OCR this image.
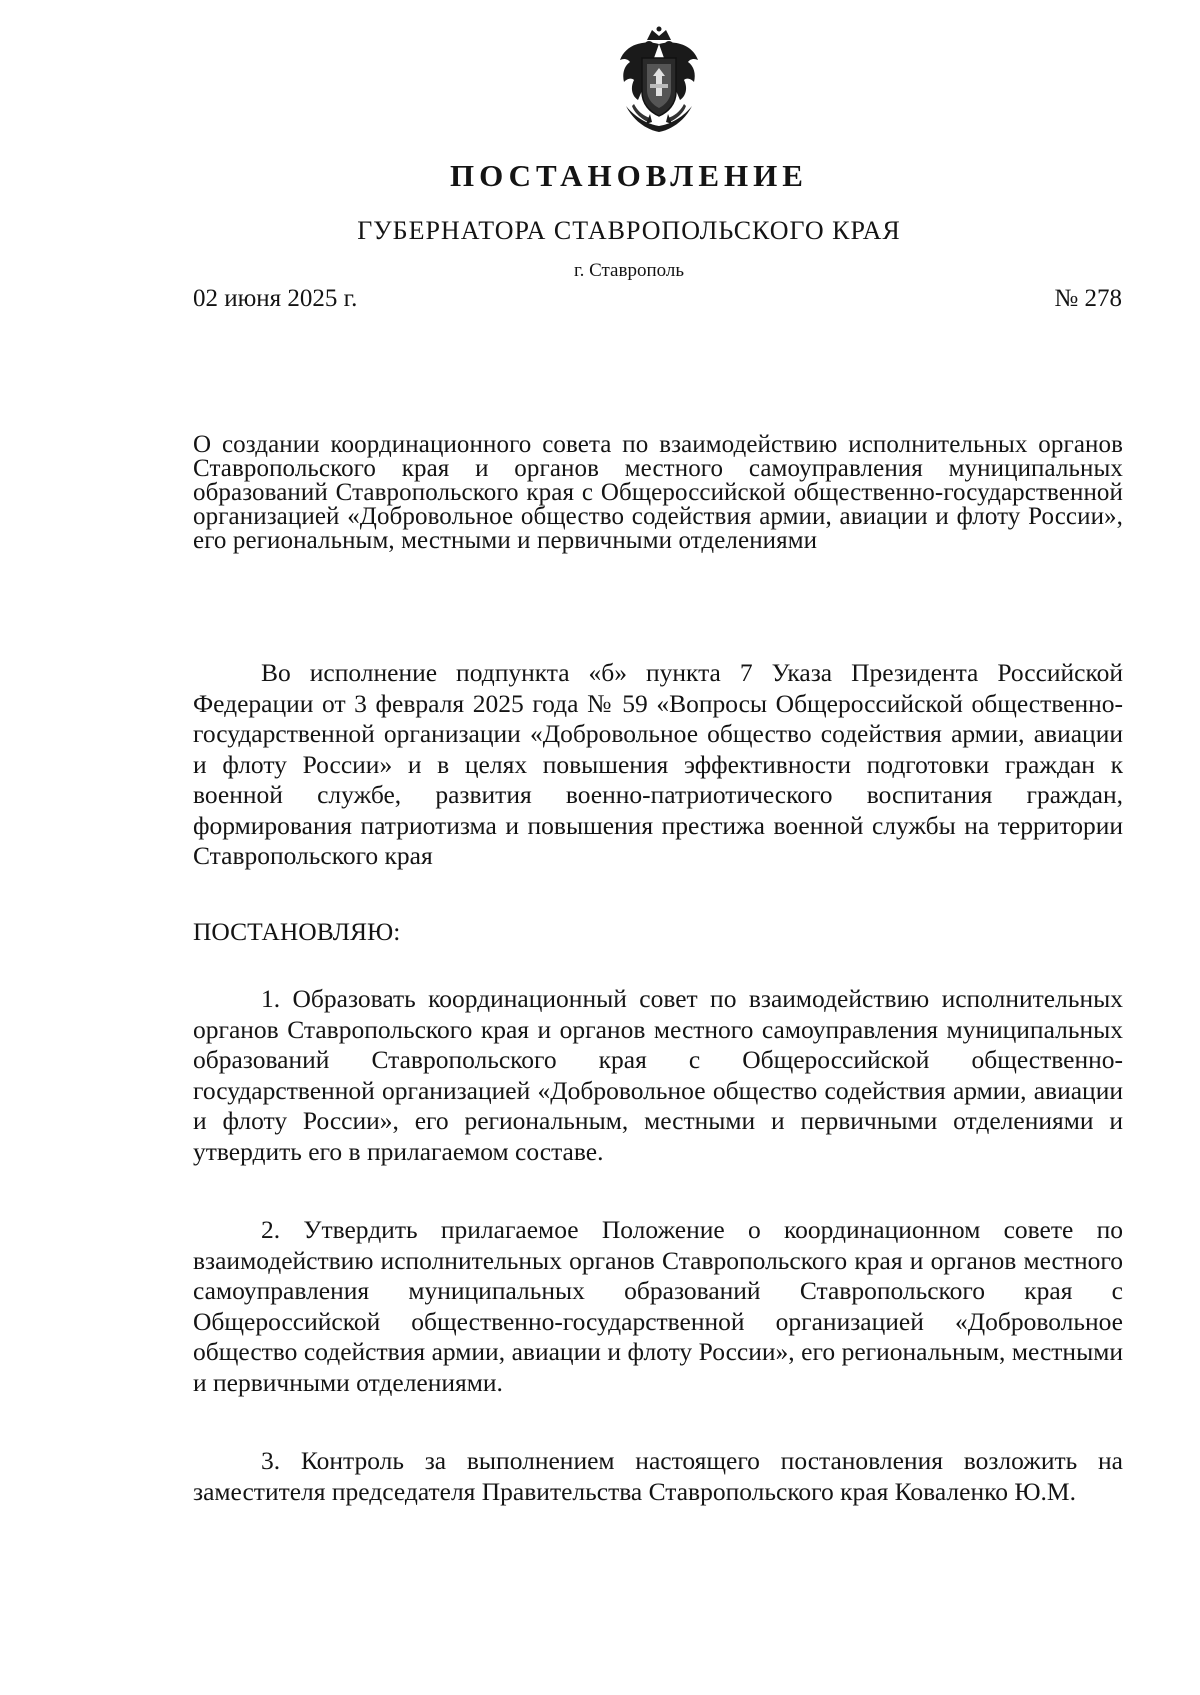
ПОСТАНОВЛЕНИЕ
ГУБЕРНАТОРА СТАВРОПОЛЬСКОГО КРАЯ
г. Ставрополь
02 июня 2025 г.	№ 278
О создании координационного совета по взаимодействию исполнительных органов Ставропольского края и органов местного самоуправления муниципальных образований Ставропольского края с Общероссийской общественно-государственной организацией «Добровольное общество содействия армии, авиации и флоту России», его региональным, местными и первичными отделениями

Во исполнение подпункта «б» пункта 7 Указа Президента Российской Федерации от 3 февраля 2025 года № 59 «Вопросы Общероссийской общественно-государственной организации «Добровольное общество содействия армии, авиации и флоту России» и в целях повышения эффективности подготовки граждан к военной службе, развития военно-патриотического воспитания граждан, формирования патриотизма и повышения престижа военной службы на территории Ставропольского края

ПОСТАНОВЛЯЮ:

1. Образовать координационный совет по взаимодействию исполнительных органов Ставропольского края и органов местного самоуправления муниципальных образований Ставропольского края с Общероссийской общественно-государственной организацией «Добровольное общество содействия армии, авиации и флоту России», его региональным, местными и первичными отделениями и утвердить его в прилагаемом составе.

2. Утвердить прилагаемое Положение о координационном совете по взаимодействию исполнительных органов Ставропольского края и органов местного самоуправления муниципальных образований Ставропольского края с Общероссийской общественно-государственной организацией «Добровольное общество содействия армии, авиации и флоту России», его региональным, местными и первичными отделениями.

3. Контроль за выполнением настоящего постановления возложить на заместителя председателя Правительства Ставропольского края Коваленко Ю.М.
